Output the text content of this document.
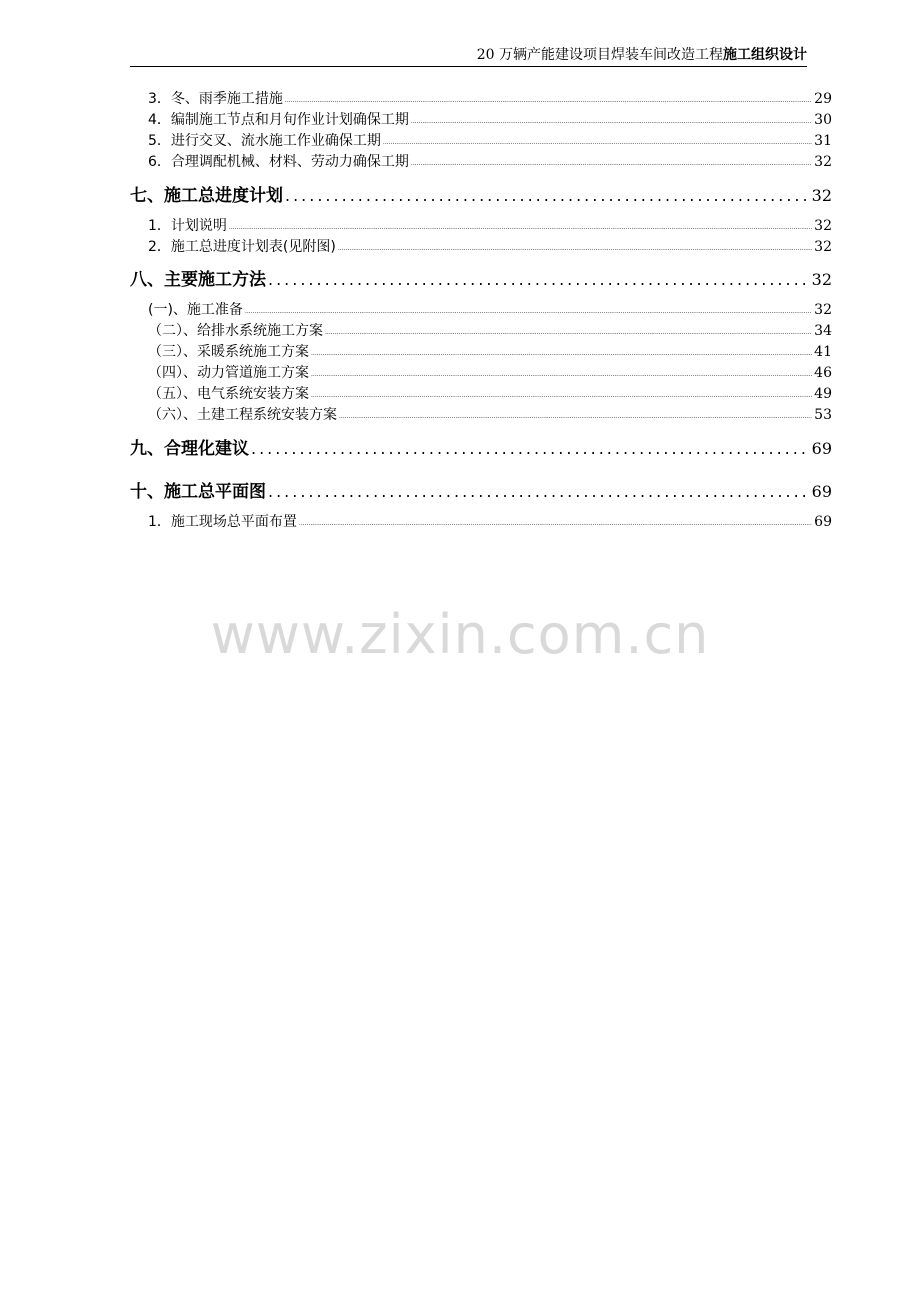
20 万辆产能建设项目焊装车间改造工程施工组织设计
3．冬、雨季施工措施 .....	29
4．编制施工节点和月旬作业计划确保工期 .....	30
5．进行交叉、流水施工作业确保工期 .....	31
6．合理调配机械、材料、劳动力确保工期 .....	32
七、施工总进度计划 .....	32
1．计划说明 .....	32
2．施工总进度计划表(见附图) .....	32
八、主要施工方法 .....	32
(一)、施工准备 .....	32
（二）、给排水系统施工方案 .....	34
（三）、采暖系统施工方案 .....	41
（四）、动力管道施工方案 .....	46
（五）、电气系统安装方案 .....	49
（六）、土建工程系统安装方案 .....	53
九、合理化建议 .....	69
十、施工总平面图 .....	69
1．施工现场总平面布置 .....	69
www.zixin.com.cn
